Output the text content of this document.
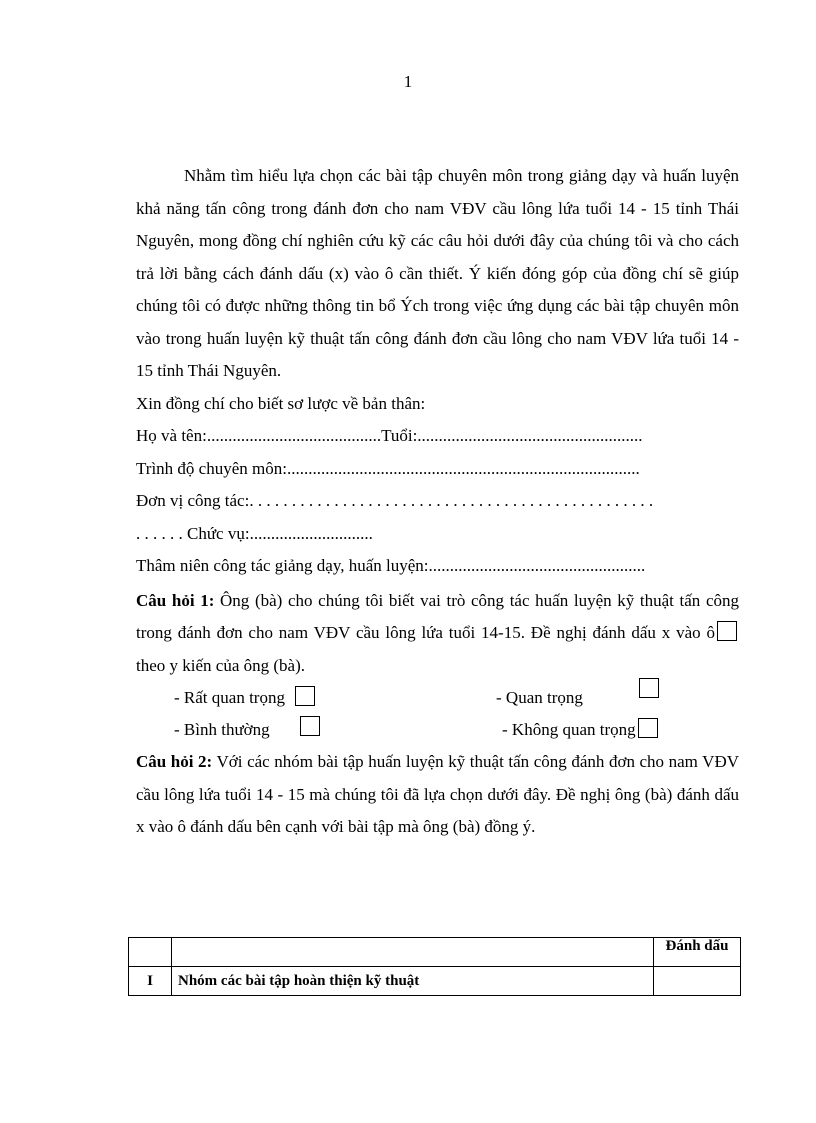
1

Nhằm tìm hiểu lựa chọn các bài tập chuyên môn trong giảng dạy và huấn luyện khả năng tấn công trong đánh đơn cho nam VĐV cầu lông lứa tuổi 14 - 15 tỉnh Thái Nguyên, mong đồng chí nghiên cứu kỹ các câu hỏi dưới đây của chúng tôi và cho cách trả lời bằng cách đánh dấu (x) vào ô cần thiết. Ý kiến đóng góp của đồng chí sẽ giúp chúng tôi có được những thông tin bổ Ých trong việc ứng dụng các bài tập chuyên môn vào trong huấn luyện kỹ thuật tấn công đánh đơn cầu lông cho nam VĐV lứa tuổi 14 - 15 tỉnh Thái Nguyên.

Xin đồng chí cho biết sơ lược về bản thân:

Họ và tên:.........................................Tuổi:.....................................................

Trình độ chuyên môn:...................................................................................

Đơn vị công tác:. . . . . . . . . . . . . . . . . . . . . . . . . . . . . . . . . . . . . . . . . . . . . . . .

. . . . . . Chức vụ:.............................

Thâm niên công tác giảng dạy, huấn luyện:...................................................

Câu hỏi 1: Ông (bà) cho chúng tôi biết vai trò công tác huấn luyện kỹ thuật tấn công trong đánh đơn cho nam VĐV cầu lông lứa tuổi 14-15. Đề nghị đánh dấu x vào ôtheo y kiến của ông (bà).

- Rất quan trọng	- Quan trọng
- Bình thường	- Không quan trọng

Câu hỏi 2: Với các nhóm bài tập huấn luyện kỹ thuật tấn công đánh đơn cho nam VĐV cầu lông lứa tuổi 14 - 15 mà chúng tôi đã lựa chọn dưới đây. Đề nghị ông (bà) đánh dấu x vào ô đánh dấu bên cạnh với bài tập mà ông (bà) đồng ý.

		Đánh dấu
I	Nhóm các bài tập hoàn thiện kỹ thuật	
